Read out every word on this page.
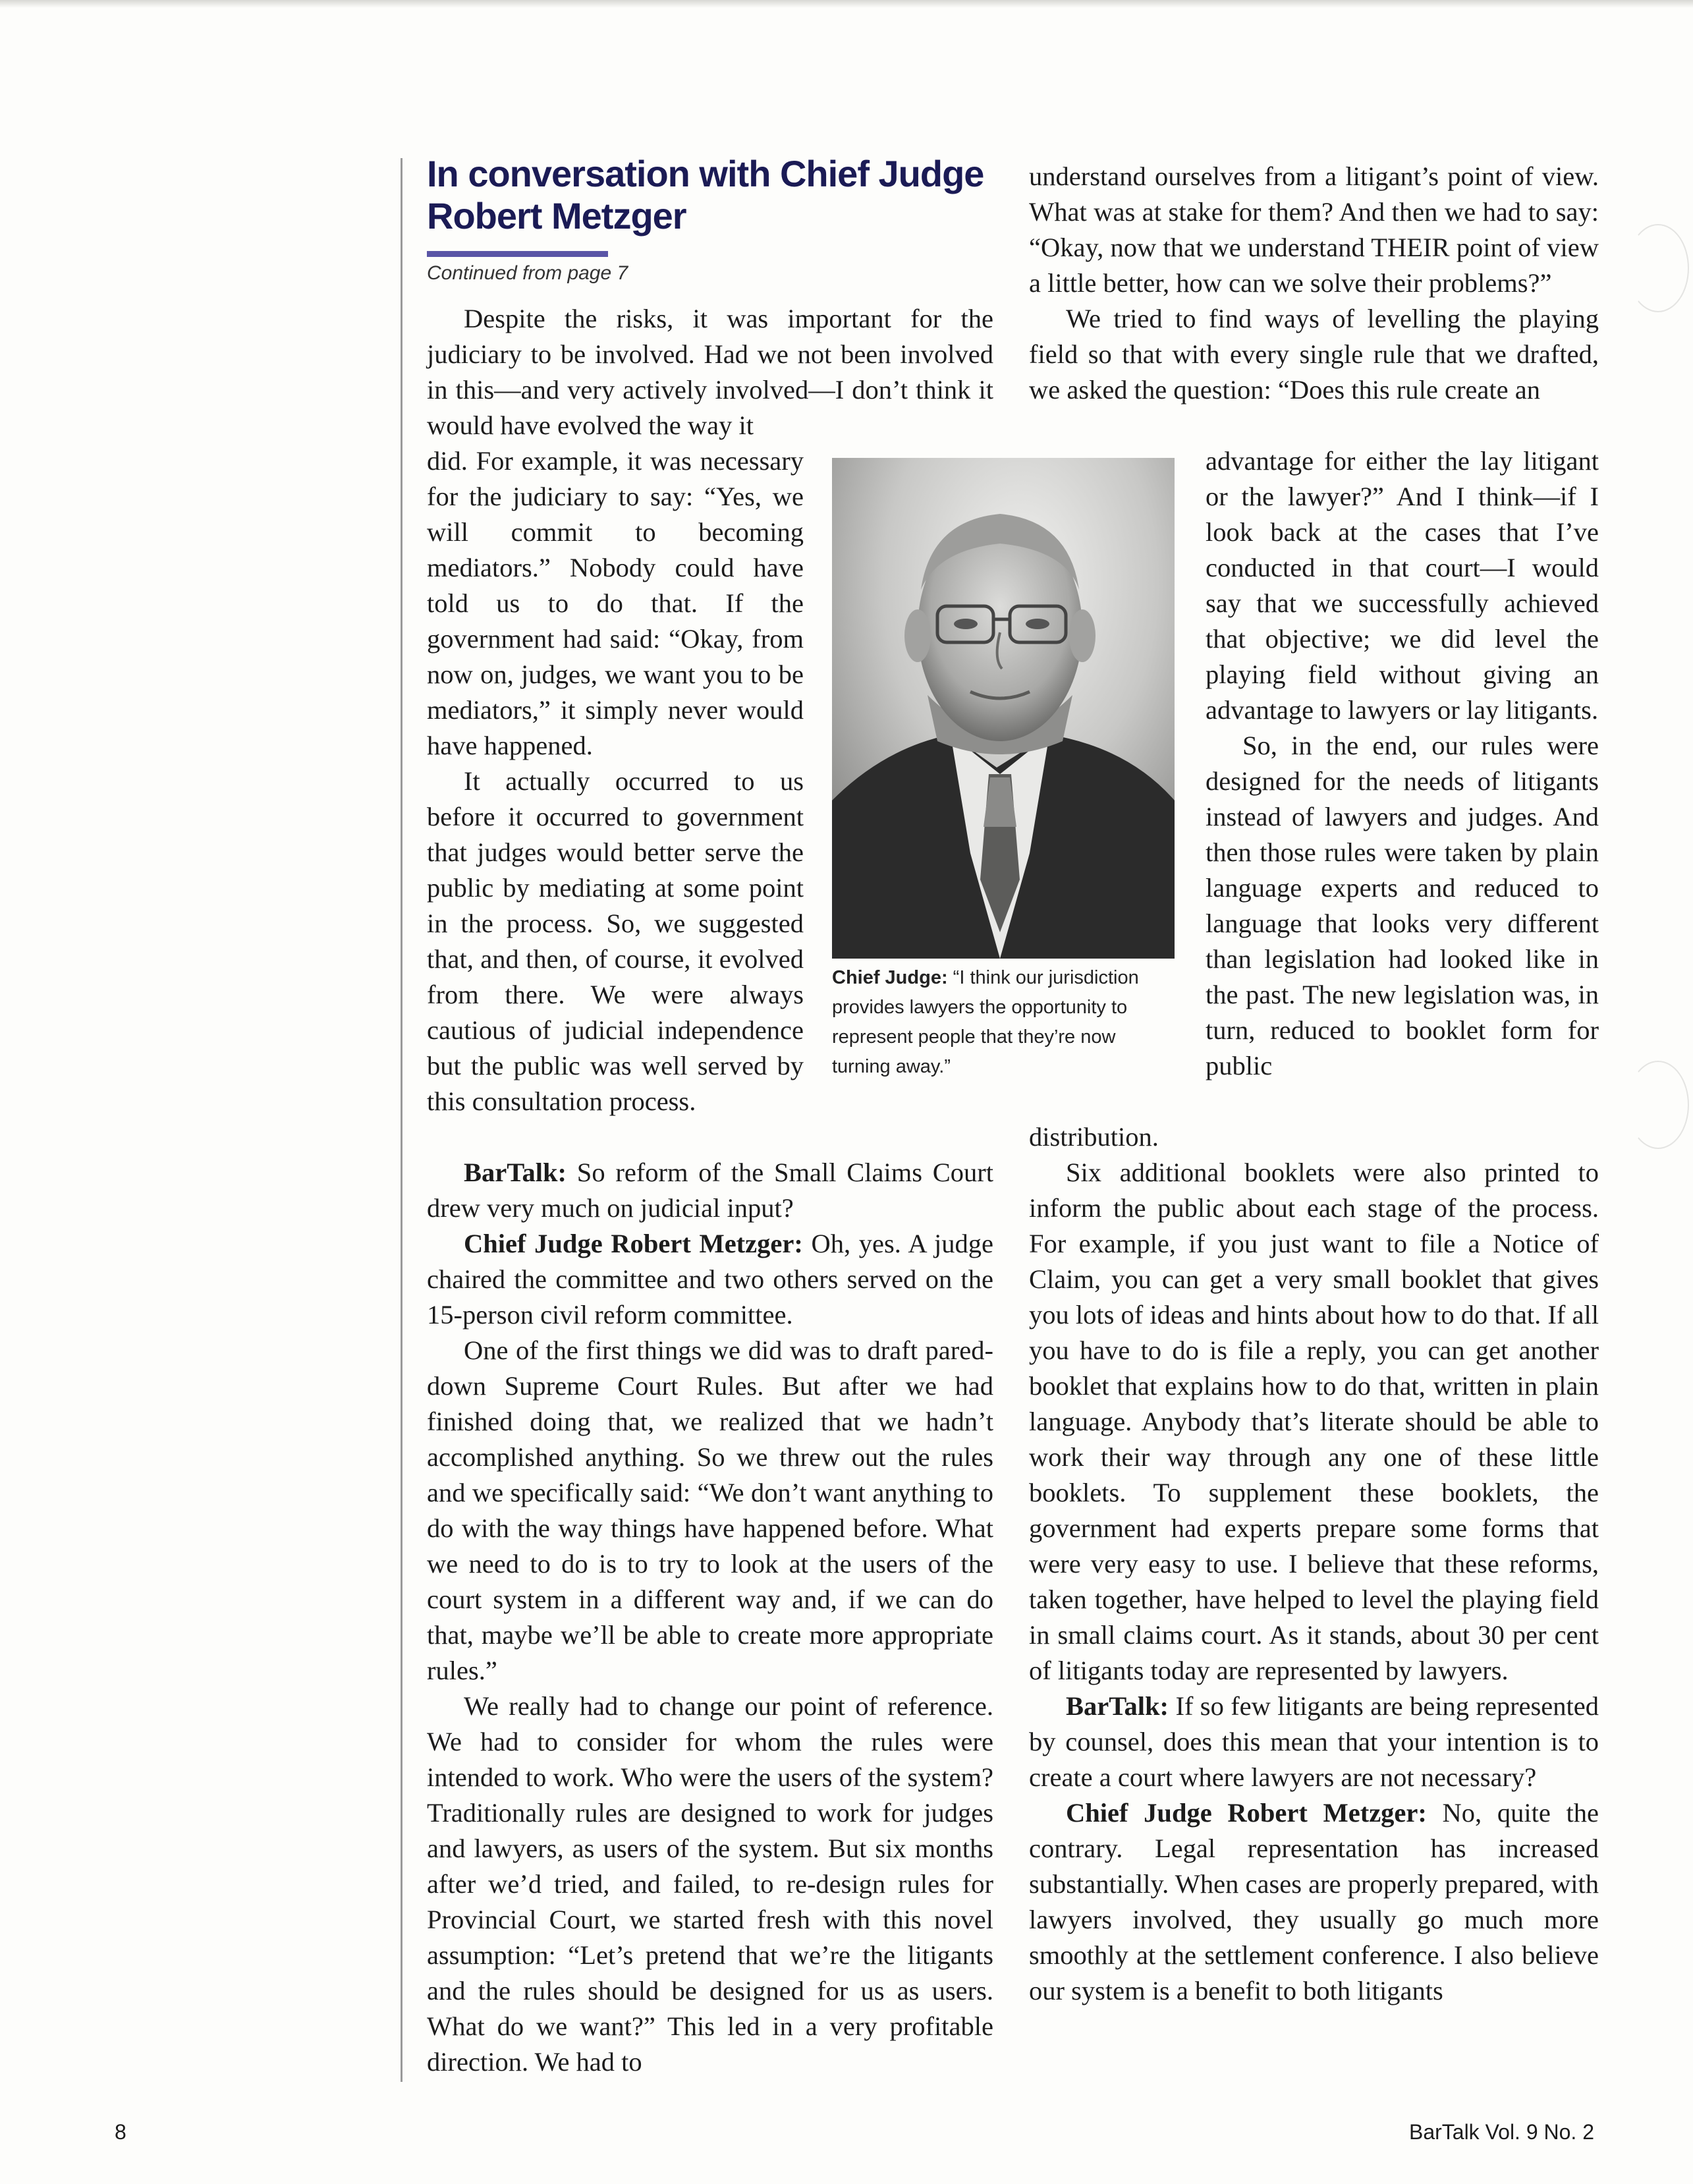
In conversation with Chief Judge Robert Metzger
Continued from page 7

Despite the risks, it was important for the judiciary to be involved. Had we not been involved in this—and very actively involved—I don’t think it would have evolved the way it

did. For example, it was necessary for the judiciary to say: “Yes, we will commit to becoming mediators.” Nobody could have told us to do that. If the government had said: “Okay, from now on, judges, we want you to be mediators,” it simply never would have happened.

It actually occurred to us before it occurred to government that judges would better serve the public by mediating at some point in the process. So, we suggested that, and then, of course, it evolved from there. We were always cautious of judicial independence but the public was well served by this consultation process.

BarTalk: So reform of the Small Claims Court drew very much on judicial input?

Chief Judge Robert Metzger: Oh, yes. A judge chaired the committee and two others served on the 15-person civil reform committee.

One of the first things we did was to draft pared-down Supreme Court Rules. But after we had finished doing that, we realized that we hadn’t accomplished anything. So we threw out the rules and we specifically said: “We don’t want anything to do with the way things have happened before. What we need to do is to try to look at the users of the court system in a different way and, if we can do that, maybe we’ll be able to create more appropriate rules.”

We really had to change our point of reference. We had to consider for whom the rules were intended to work. Who were the users of the system? Traditionally rules are designed to work for judges and lawyers, as users of the system. But six months after we’d tried, and failed, to re-design rules for Provincial Court, we started fresh with this novel assumption: “Let’s pretend that we’re the litigants and the rules should be designed for us as users. What do we want?” This led in a very profitable direction. We had to

Chief Judge: “I think our jurisdiction provides lawyers the opportunity to represent people that they’re now turning away.”

understand ourselves from a litigant’s point of view. What was at stake for them? And then we had to say: “Okay, now that we understand THEIR point of view a little better, how can we solve their problems?”

We tried to find ways of levelling the playing field so that with every single rule that we drafted, we asked the question: “Does this rule create an

advantage for either the lay litigant or the lawyer?” And I think—if I look back at the cases that I’ve conducted in that court—I would say that we successfully achieved that objective; we did level the playing field without giving an advantage to lawyers or lay litigants.

So, in the end, our rules were designed for the needs of litigants instead of lawyers and judges. And then those rules were taken by plain language experts and reduced to language that looks very different than legislation had looked like in the past. The new legislation was, in turn, reduced to booklet form for public

distribution.

Six additional booklets were also printed to inform the public about each stage of the process. For example, if you just want to file a Notice of Claim, you can get a very small booklet that gives you lots of ideas and hints about how to do that. If all you have to do is file a reply, you can get another booklet that explains how to do that, written in plain language. Anybody that’s literate should be able to work their way through any one of these little booklets. To supplement these booklets, the government had experts prepare some forms that were very easy to use. I believe that these reforms, taken together, have helped to level the playing field in small claims court. As it stands, about 30 per cent of litigants today are represented by lawyers.

BarTalk: If so few litigants are being represented by counsel, does this mean that your intention is to create a court where lawyers are not necessary?

Chief Judge Robert Metzger: No, quite the contrary. Legal representation has increased substantially. When cases are properly prepared, with lawyers involved, they usually go much more smoothly at the settlement conference. I also believe our system is a benefit to both litigants

8	BarTalk Vol. 9 No. 2
